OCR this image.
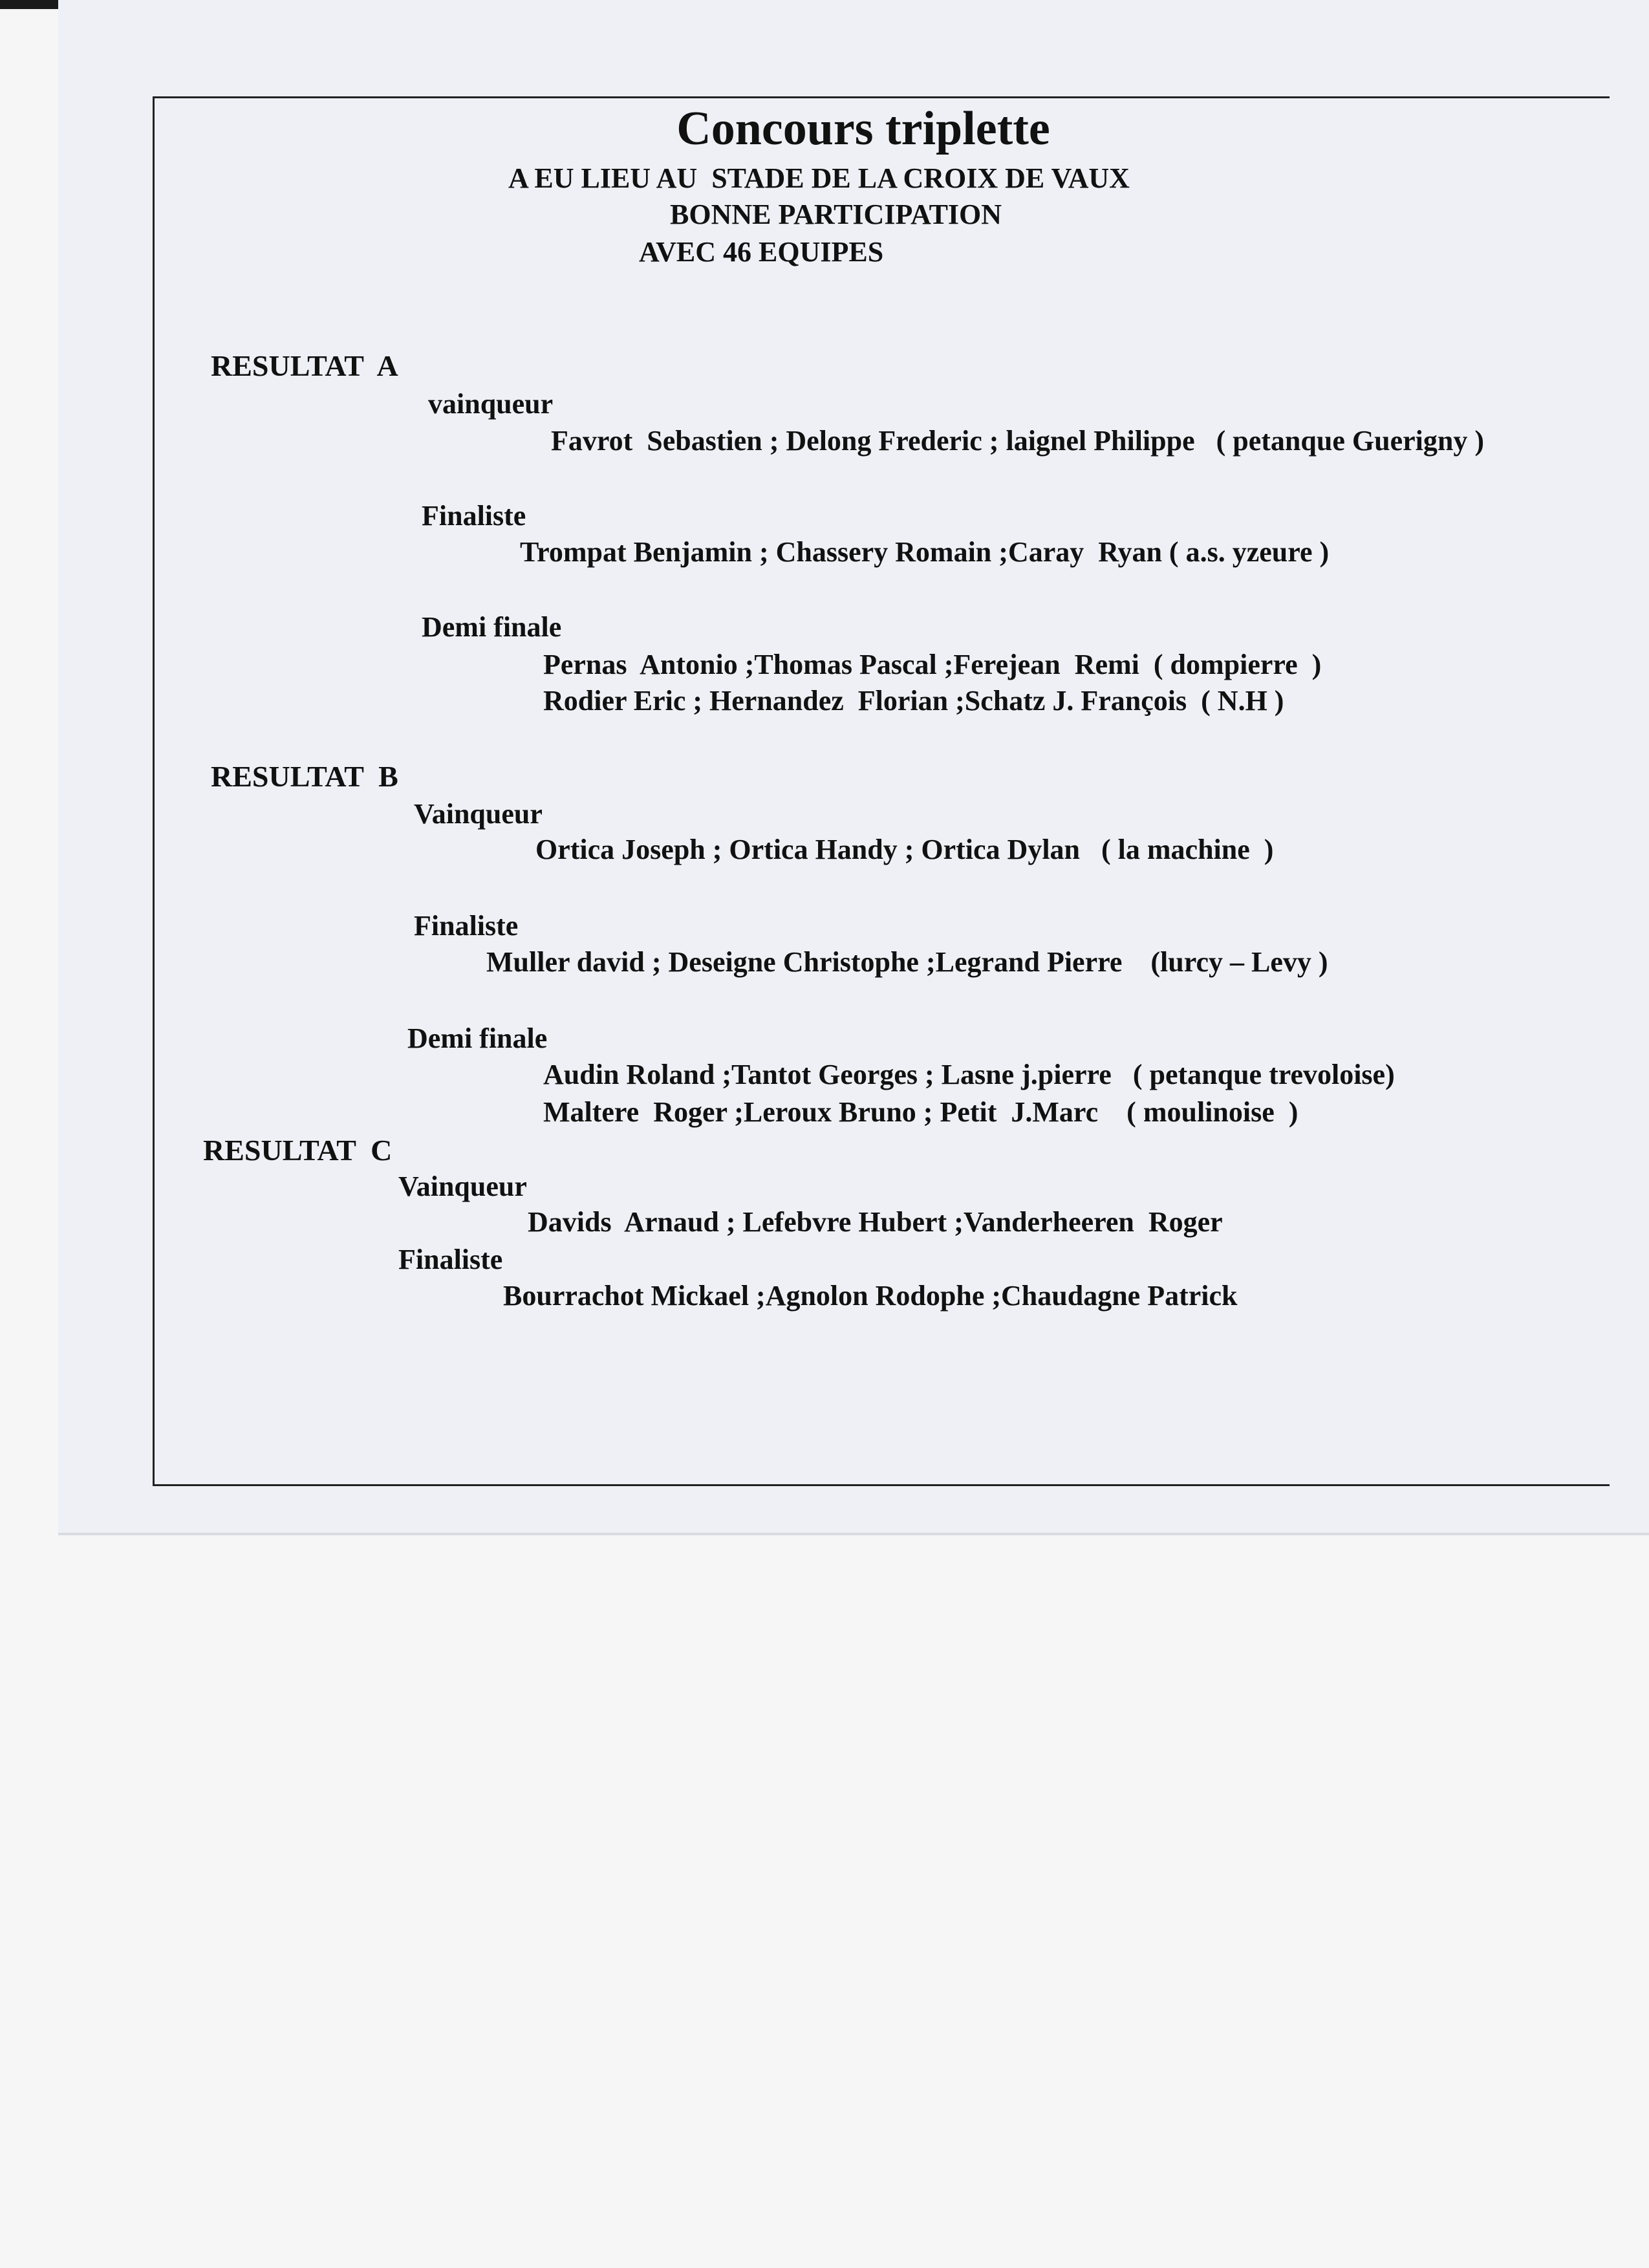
Concours triplette
A EU LIEU AU  STADE DE LA CROIX DE VAUX
BONNE PARTICIPATION
AVEC 46 EQUIPES
RESULTAT  A
vainqueur
Favrot  Sebastien ; Delong Frederic ; laignel Philippe   ( petanque Guerigny )
Finaliste
Trompat Benjamin ; Chassery Romain ;Caray  Ryan ( a.s. yzeure )
Demi finale
Pernas  Antonio ;Thomas Pascal ;Ferejean  Remi  ( dompierre  )
Rodier Eric ; Hernandez  Florian ;Schatz J. François  ( N.H )
RESULTAT  B
Vainqueur
Ortica Joseph ; Ortica Handy ; Ortica Dylan   ( la machine  )
Finaliste
Muller david ; Deseigne Christophe ;Legrand Pierre    (lurcy – Levy )
Demi finale
Audin Roland ;Tantot Georges ; Lasne j.pierre   ( petanque trevoloise)
Maltere  Roger ;Leroux Bruno ; Petit  J.Marc    ( moulinoise  )
RESULTAT  C
Vainqueur
Davids  Arnaud ; Lefebvre Hubert ;Vanderheeren  Roger
Finaliste
Bourrachot Mickael ;Agnolon Rodophe ;Chaudagne Patrick
